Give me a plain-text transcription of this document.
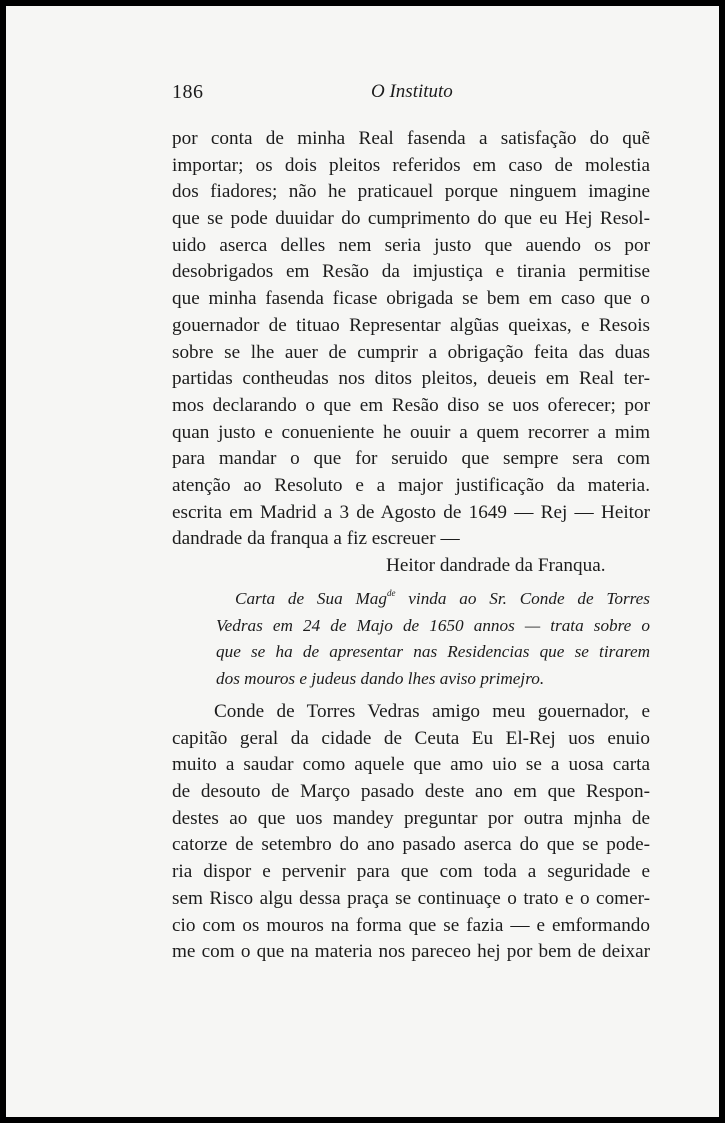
186	O Instituto
por conta de minha Real fasenda a satisfação do quẽ
importar; os dois pleitos referidos em caso de molestia
dos fiadores; não he praticauel porque ninguem imagine
que se pode duuidar do cumprimento do que eu Hej Resol-
uido aserca delles nem seria justo que auendo os por
desobrigados em Resão da imjustiça e tirania permitise
que minha fasenda ficase obrigada se bem em caso que o
gouernador de tituao Representar algũas queixas, e Resois
sobre se lhe auer de cumprir a obrigação feita das duas
partidas contheudas nos ditos pleitos, deueis em Real ter-
mos declarando o que em Resão diso se uos oferecer; por
quan justo e conueniente he ouuir a quem recorrer a mim
para mandar o que for seruido que sempre sera com
atenção ao Resoluto e a major justificação da materia.
escrita em Madrid a 3 de Agosto de 1649 — Rej — Heitor
dandrade da franqua a fiz escreuer —
Heitor dandrade da Franqua.
Carta de Sua Mag$^{de}$ vinda ao Sr. Conde de Torres
Vedras em 24 de Majo de 1650 annos — trata sobre o
que se ha de apresentar nas Residencias que se tirarem
dos mouros e judeus dando lhes aviso primejro.
Conde de Torres Vedras amigo meu gouernador, e
capitão geral da cidade de Ceuta Eu El-Rej uos enuio
muito a saudar como aquele que amo uio se a uosa carta
de desouto de Março pasado deste ano em que Respon-
destes ao que uos mandey preguntar por outra mjnha de
catorze de setembro do ano pasado aserca do que se pode-
ria dispor e pervenir para que com toda a seguridade e
sem Risco algu dessa praça se continuaçe o trato e o comer-
cio com os mouros na forma que se fazia — e emformando
me com o que na materia nos pareceo hej por bem de deixar
